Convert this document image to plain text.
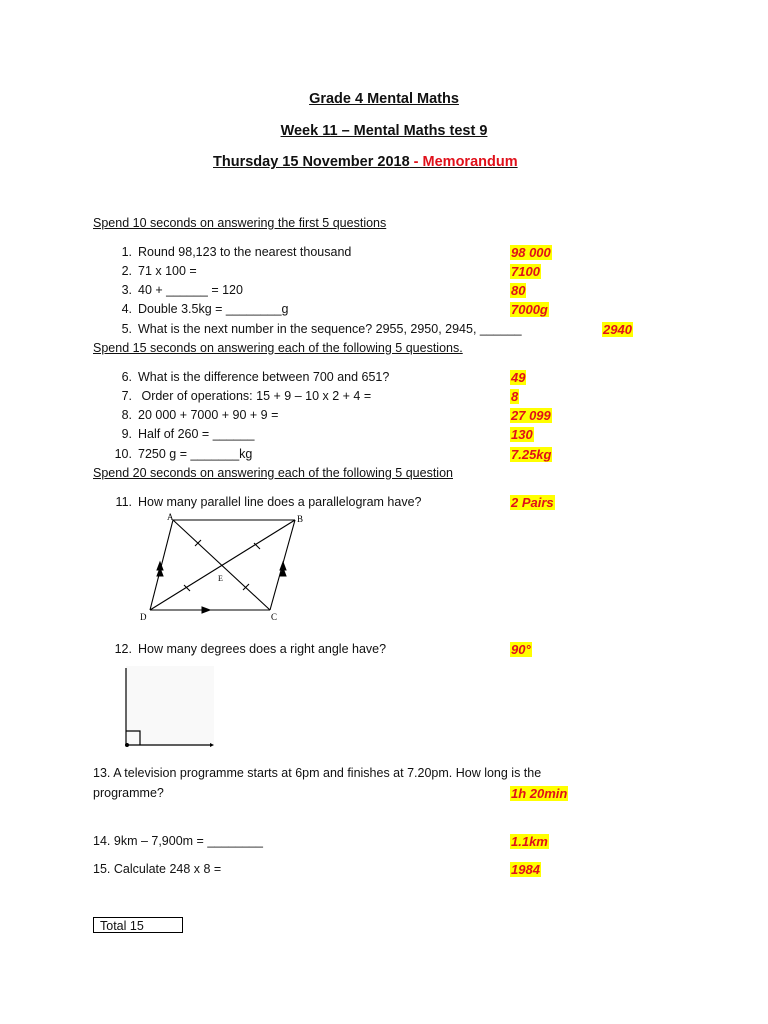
Grade 4 Mental Maths
Week 11 – Mental Maths test 9
Thursday 15 November 2018 - Memorandum
Spend 10 seconds on answering the first 5 questions
1. Round 98,123 to the nearest thousand	98 000
2. 71 x 100 =	7100
3. 40 + ______ = 120	80
4. Double 3.5kg = ________g	7000g
5. What is the next number in the sequence? 2955, 2950, 2945, ______	2940
Spend 15 seconds on answering each of the following 5 questions.
6. What is the difference between 700 and 651?	49
7. Order of operations: 15 + 9 – 10 x 2 + 4 =	8
8. 20 000 + 7000 + 90 + 9 =	27 099
9. Half of 260 = ______	130
10. 7250 g = _______kg	7.25kg
Spend 20 seconds on answering each of the following 5 question
11. How many parallel line does a parallelogram have?	2 Pairs
A	B
C
D
E
12. How many degrees does a right angle have?	90°
13. A television programme starts at 6pm and finishes at 7.20pm. How long is the
programme?	1h 20min
14. 9km – 7,900m = ________	1.1km
15. Calculate 248 x 8 =	1984
Total 15
